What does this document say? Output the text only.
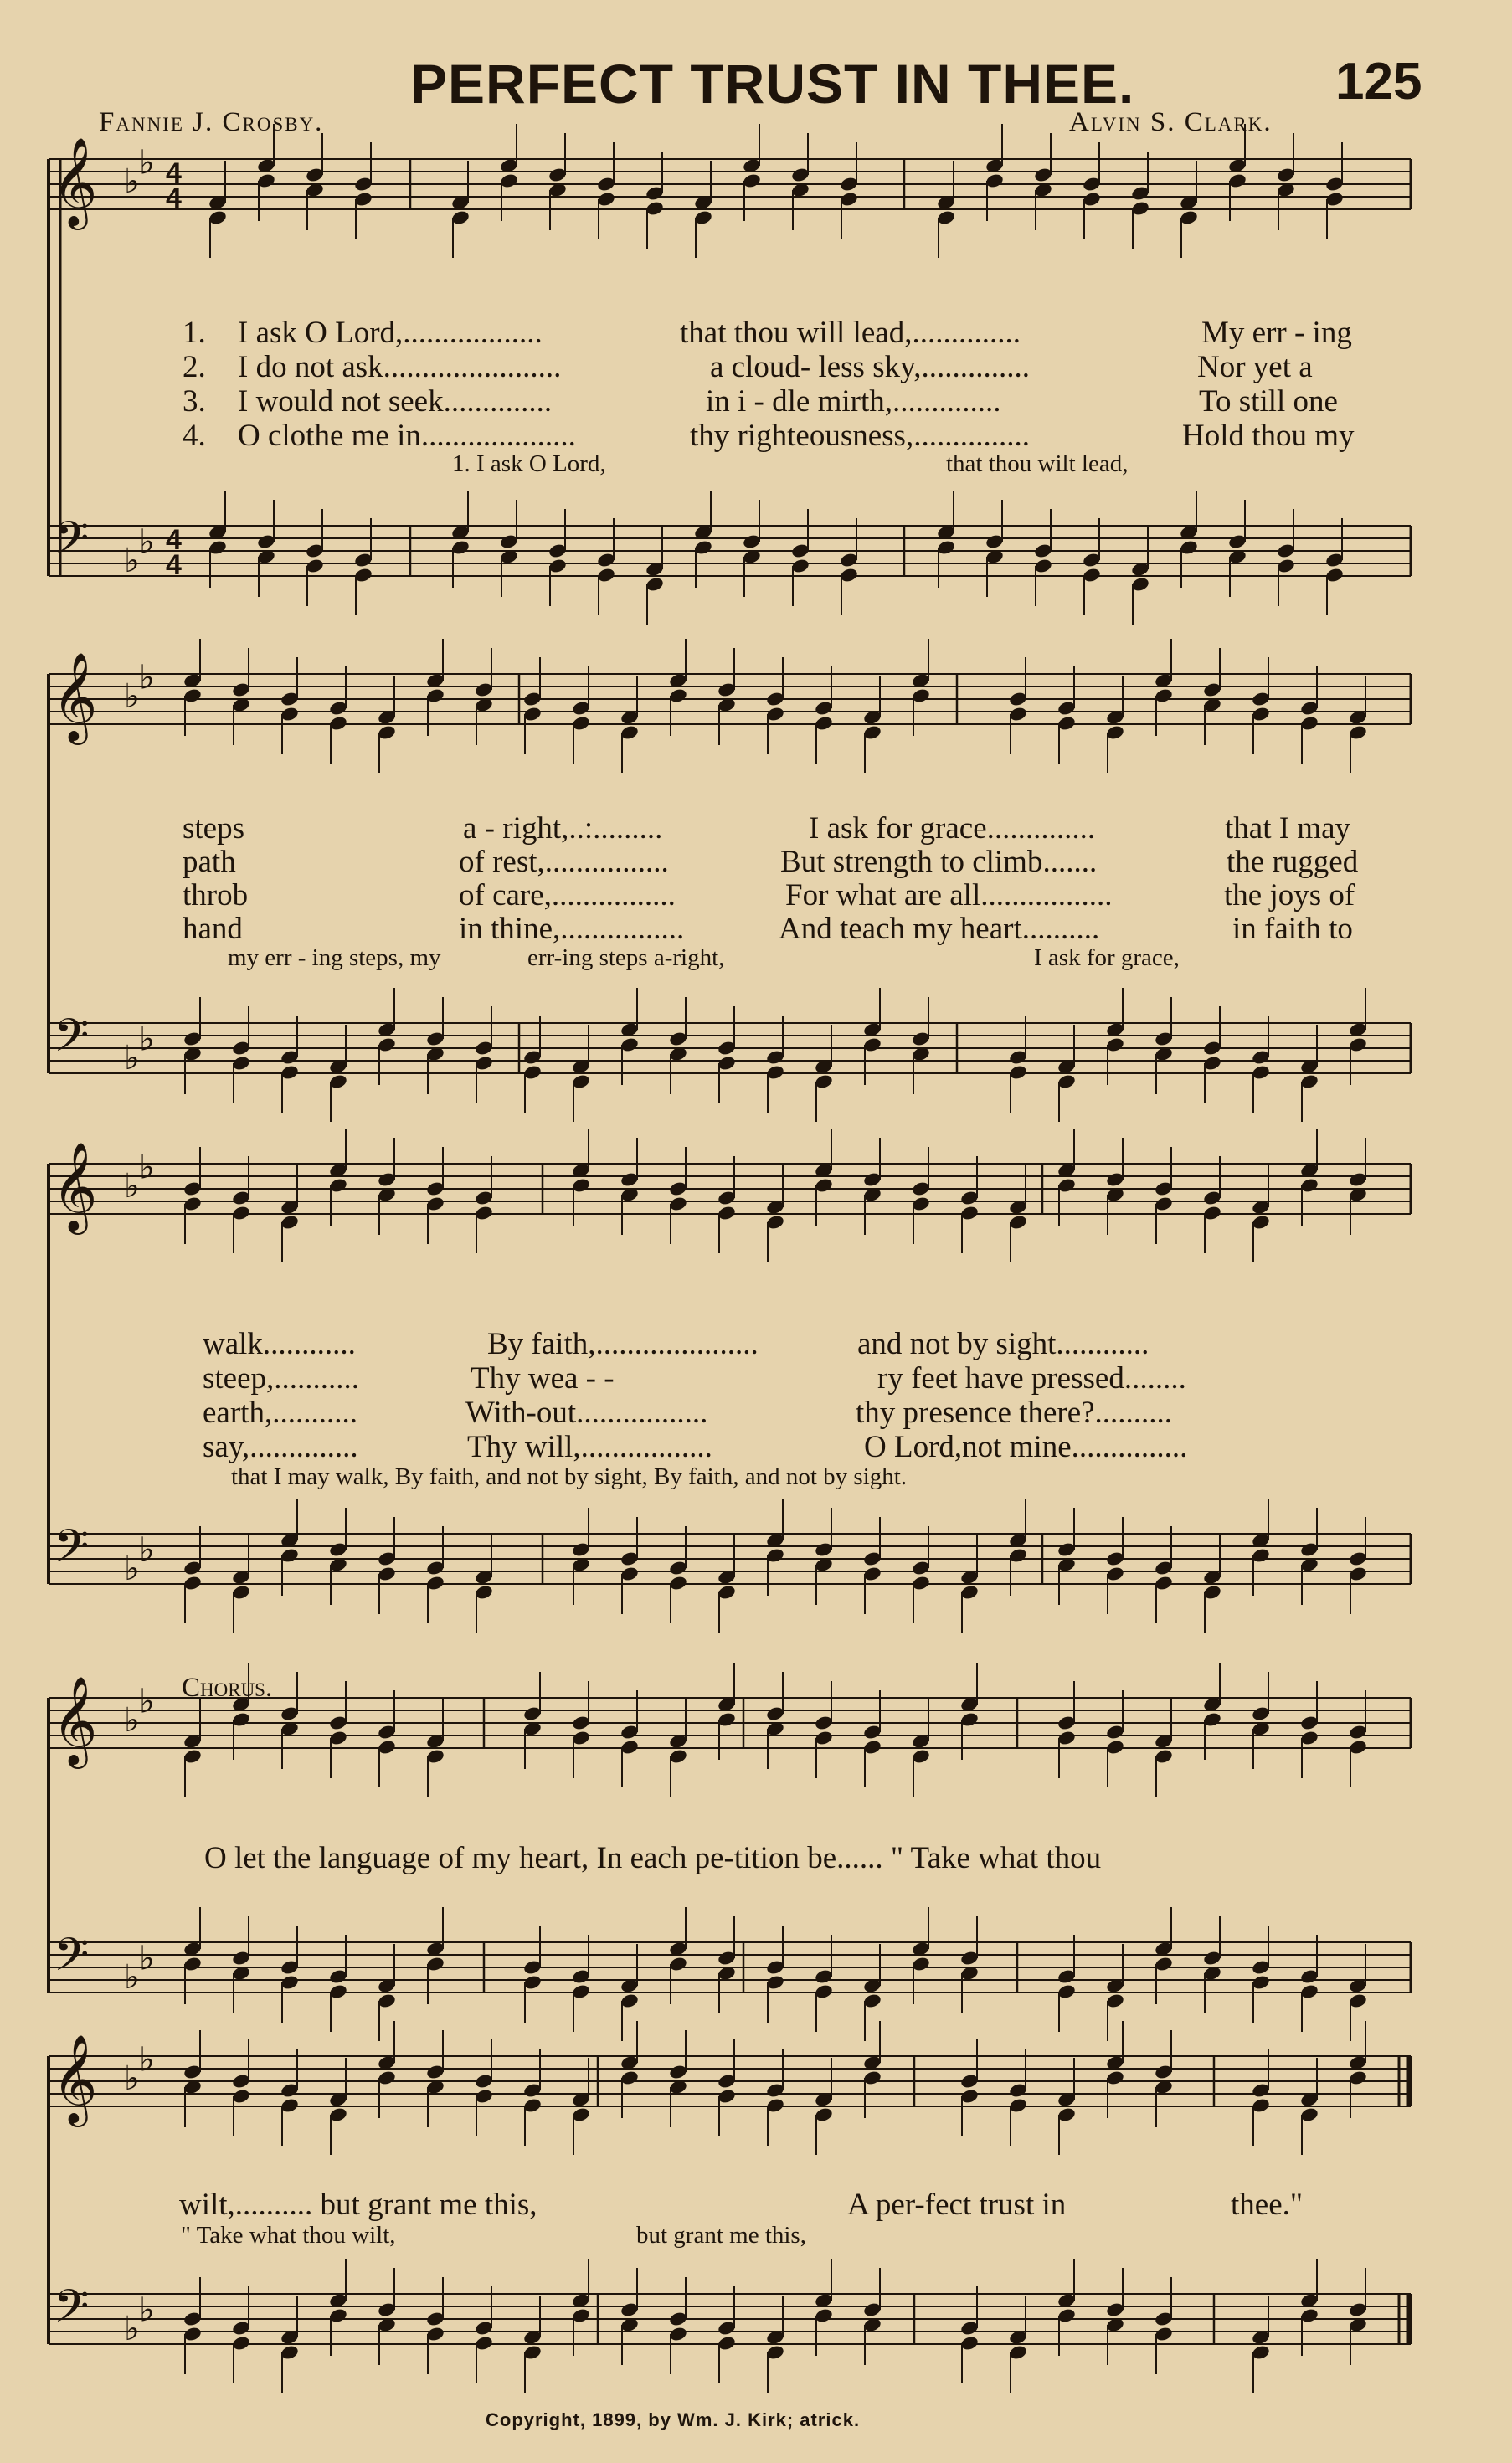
PERFECT TRUST IN THEE.	125
Fannie J. Crosby.	Alvin S. Clark.
𝄞 ♭ ♭ 4
4
𝄢 ♭ ♭ 4
4
𝄞 ♭ ♭
𝄢 ♭ ♭
𝄞 ♭ ♭
𝄢 ♭ ♭
𝄞 ♭ ♭
𝄢 ♭ ♭
𝄞 ♭ ♭
𝄢 ♭ ♭
1. I ask O Lord,..................	that thou will lead,..............	My err - ing
2. I do not ask.......................	a cloud- less sky,..............	Nor yet a
3. I would not seek..............	in i - dle mirth,..............	To still one
4. O clothe me in....................	thy righteousness,...............	Hold thou my
1. I ask O Lord,	that thou wilt lead,
steps	a - right,..:.........	I ask for grace..............	that I may
path	of rest,................	But strength to climb.......	the rugged
throb	of care,................	For what are all.................	the joys of
hand	in thine,................	And teach my heart..........	in faith to
my err - ing steps, my	err-ing steps a-right,	I ask for grace,
walk............	By faith,.....................	and not by sight............
steep,...........	Thy wea - -	ry feet have pressed........
earth,...........	With-out.................	thy presence there?..........
say,..............	Thy will,.................	O Lord,not mine...............
that I may walk, By faith, and not by sight, By faith, and not by sight.
Chorus.
O let the language of my heart, In each pe-tition be...... " Take what thou
wilt,.......... but grant me this,	A per-fect trust in	thee."
" Take what thou wilt,	but grant me this,
Copyright, 1899, by Wm. J. Kirk; atrick.
